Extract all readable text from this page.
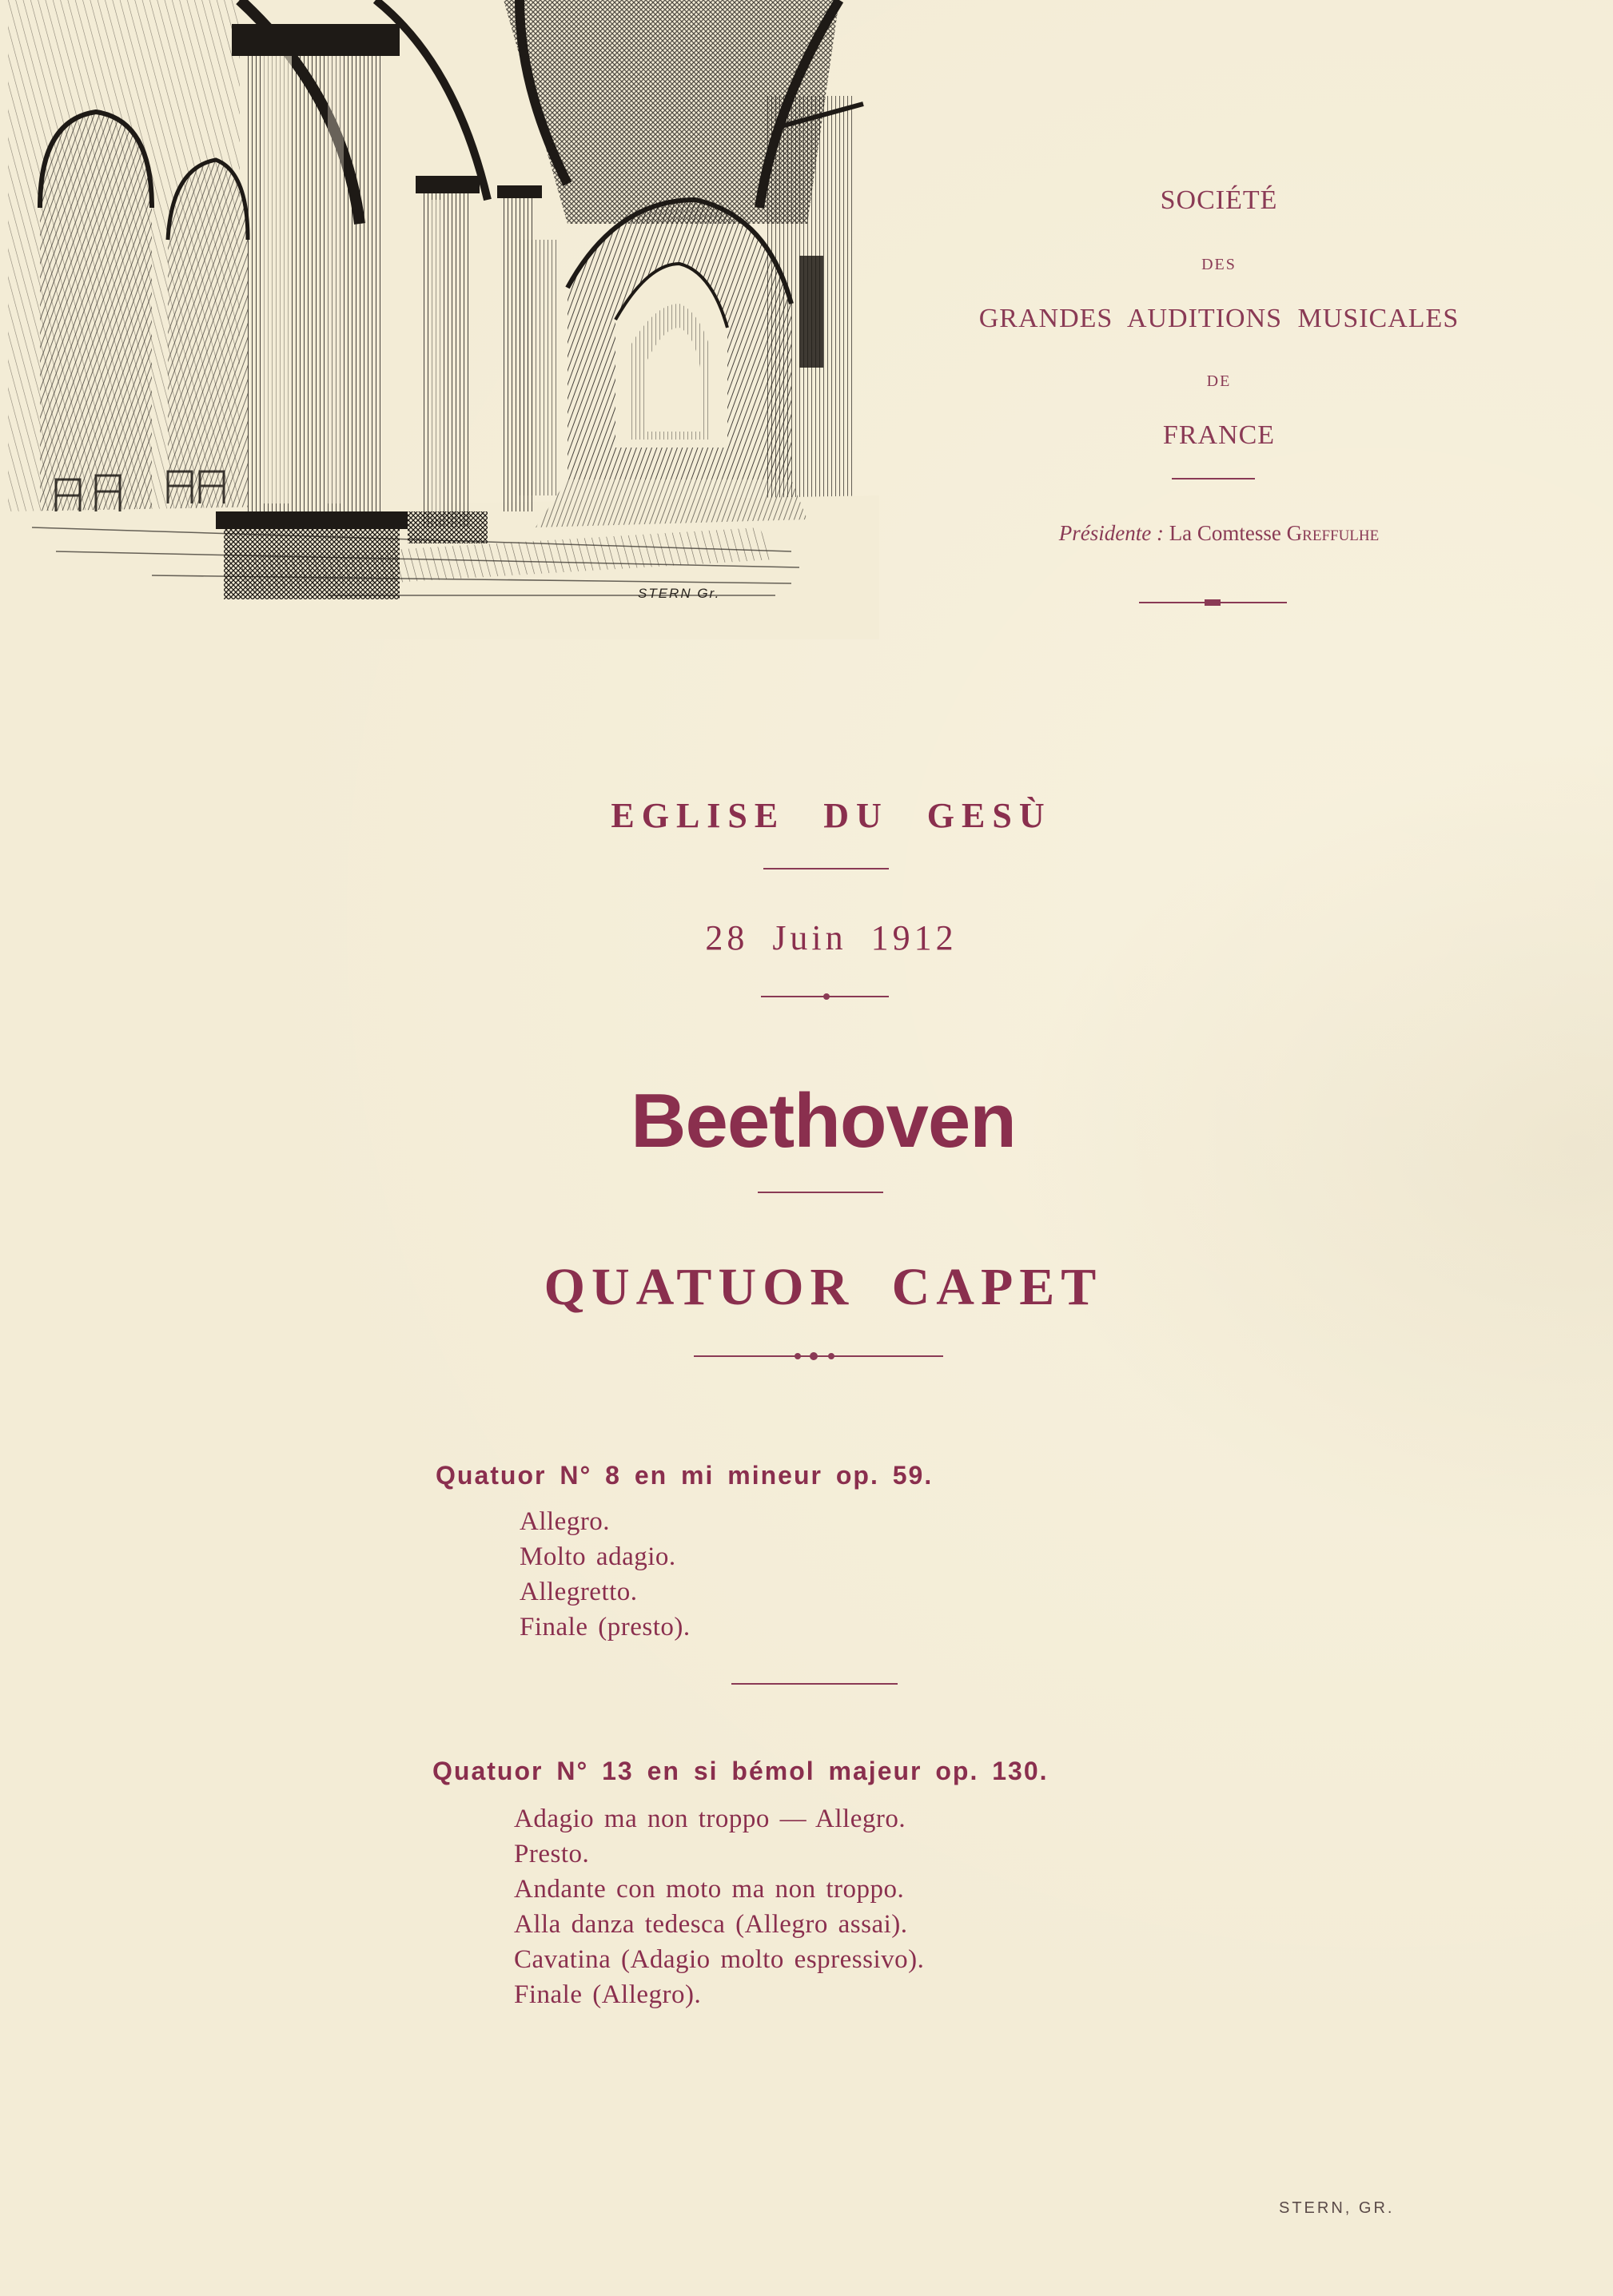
STERN Gr.
SOCIÉTÉ
DES
GRANDES AUDITIONS MUSICALES
DE
FRANCE
Présidente : La Comtesse Greffulhe
EGLISE DU GESÙ
28 Juin 1912
Beethoven
QUATUOR CAPET
Quatuor N° 8 en mi mineur op. 59.
Allegro.
Molto adagio.
Allegretto.
Finale (presto).
Quatuor N° 13 en si bémol majeur op. 130.
Adagio ma non troppo — Allegro.
Presto.
Andante con moto ma non troppo.
Alla danza tedesca (Allegro assai).
Cavatina (Adagio molto espressivo).
Finale (Allegro).
STERN, GR.
